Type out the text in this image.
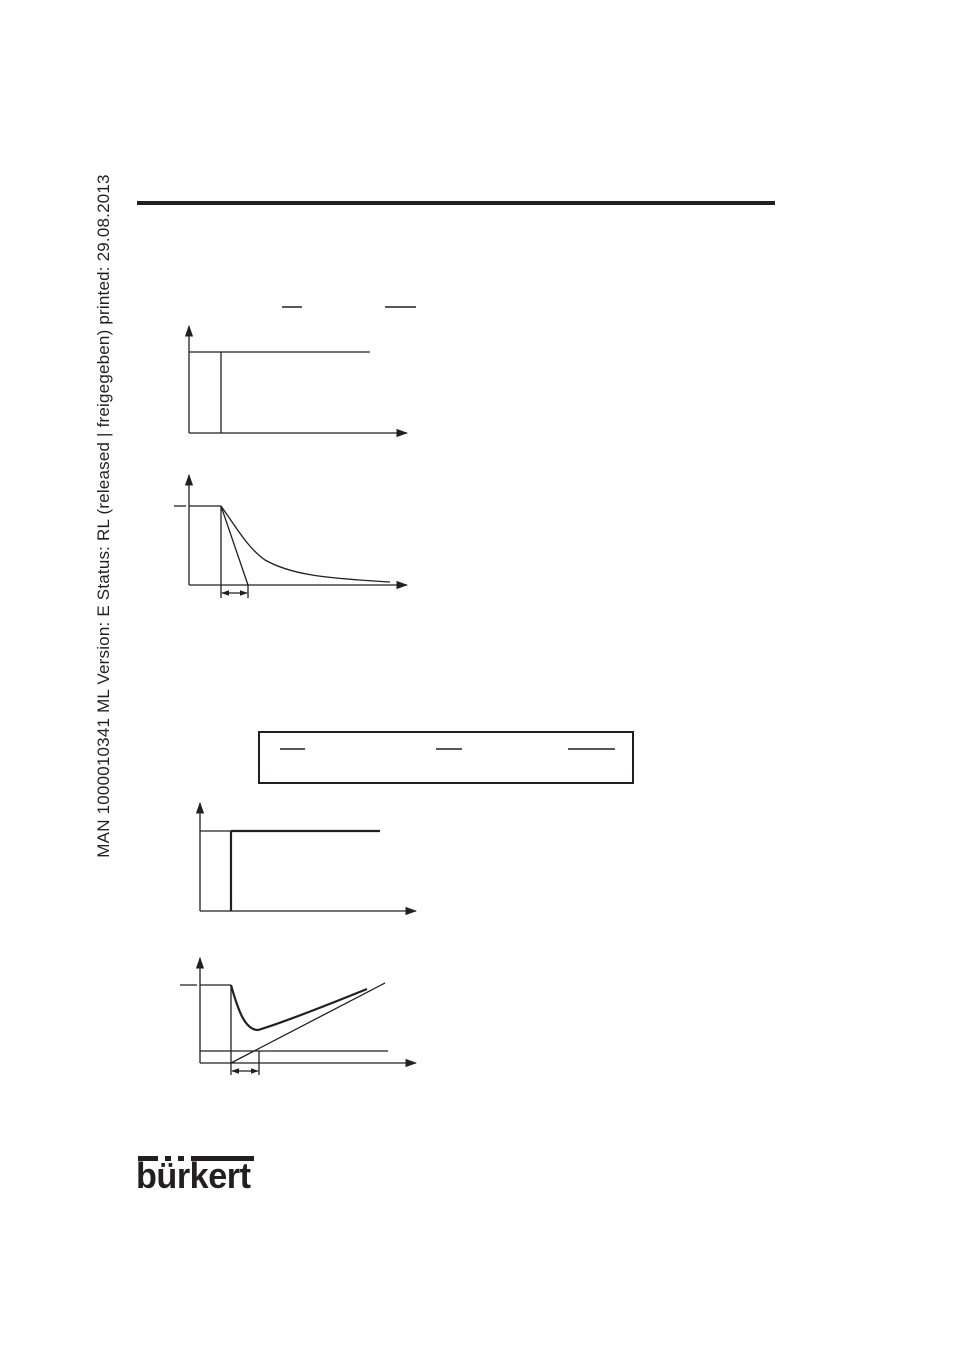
MAN 1000010341 ML Version: E Status: RL (released | freigegeben) printed: 29.08.2013
bürkert
